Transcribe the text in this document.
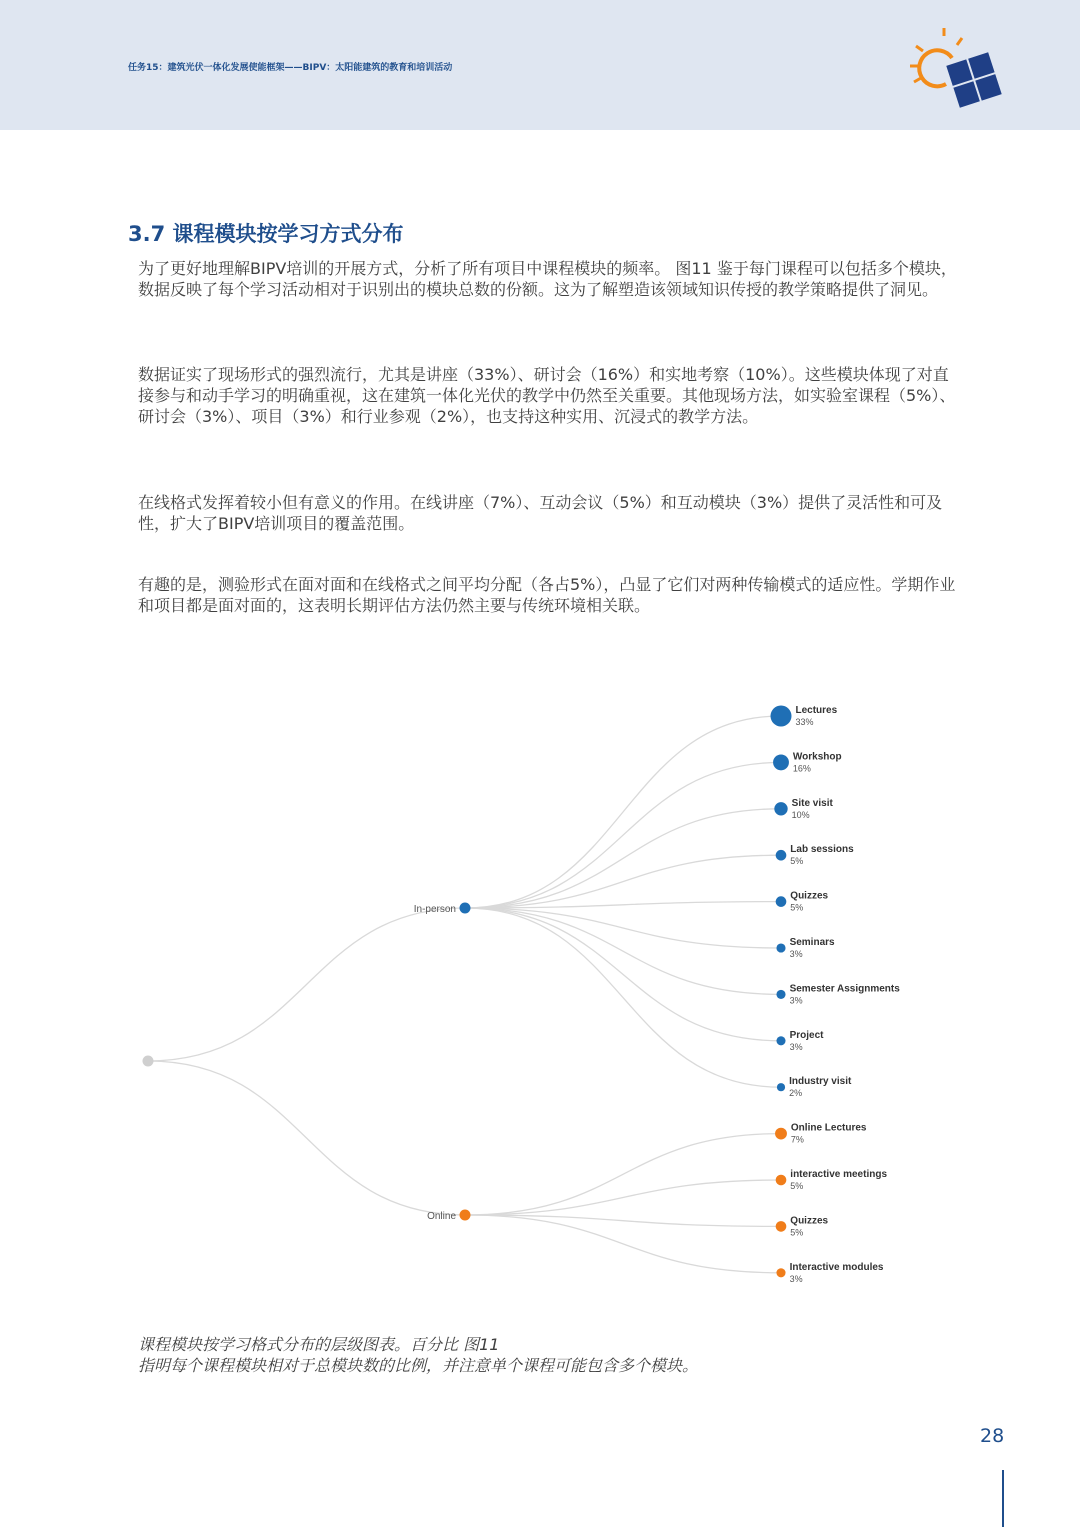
任务15：建筑光伏一体化发展使能框架——BIPV：太阳能建筑的教育和培训活动
3.7 课程模块按学习方式分布

为了更好地理解BIPV培训的开展方式，分析了所有项目中课程模块的频率。 图11 鉴于每门课程可以包括多个模块，数据反映了每个学习活动相对于识别出的模块总数的份额。这为了解塑造该领域知识传授的教学策略提供了洞见。

数据证实了现场形式的强烈流行，尤其是讲座（33%）、研讨会（16%）和实地考察（10%）。这些模块体现了对直接参与和动手学习的明确重视，这在建筑一体化光伏的教学中仍然至关重要。其他现场方法，如实验室课程（5%）、研讨会（3%）、项目（3%）和行业参观（2%），也支持这种实用、沉浸式的教学方法。

在线格式发挥着较小但有意义的作用。在线讲座（7%）、互动会议（5%）和互动模块（3%）提供了灵活性和可及性，扩大了BIPV培训项目的覆盖范围。

有趣的是，测验形式在面对面和在线格式之间平均分配（各占5%），凸显了它们对两种传输模式的适应性。学期作业和项目都是面对面的，这表明长期评估方法仍然主要与传统环境相关联。

In-person
Lectures
33%
Workshop
16%
Site visit
10%
Lab sessions
5%
Quizzes
5%
Seminars
3%
Semester Assignments
3%
Project
3%
Industry visit
2%
Online
Online Lectures
7%
interactive meetings
5%
Quizzes
5%
Interactive modules
3%
课程模块按学习格式分布的层级图表。百分比 图11
指明每个课程模块相对于总模块数的比例，并注意单个课程可能包含多个模块。
28
